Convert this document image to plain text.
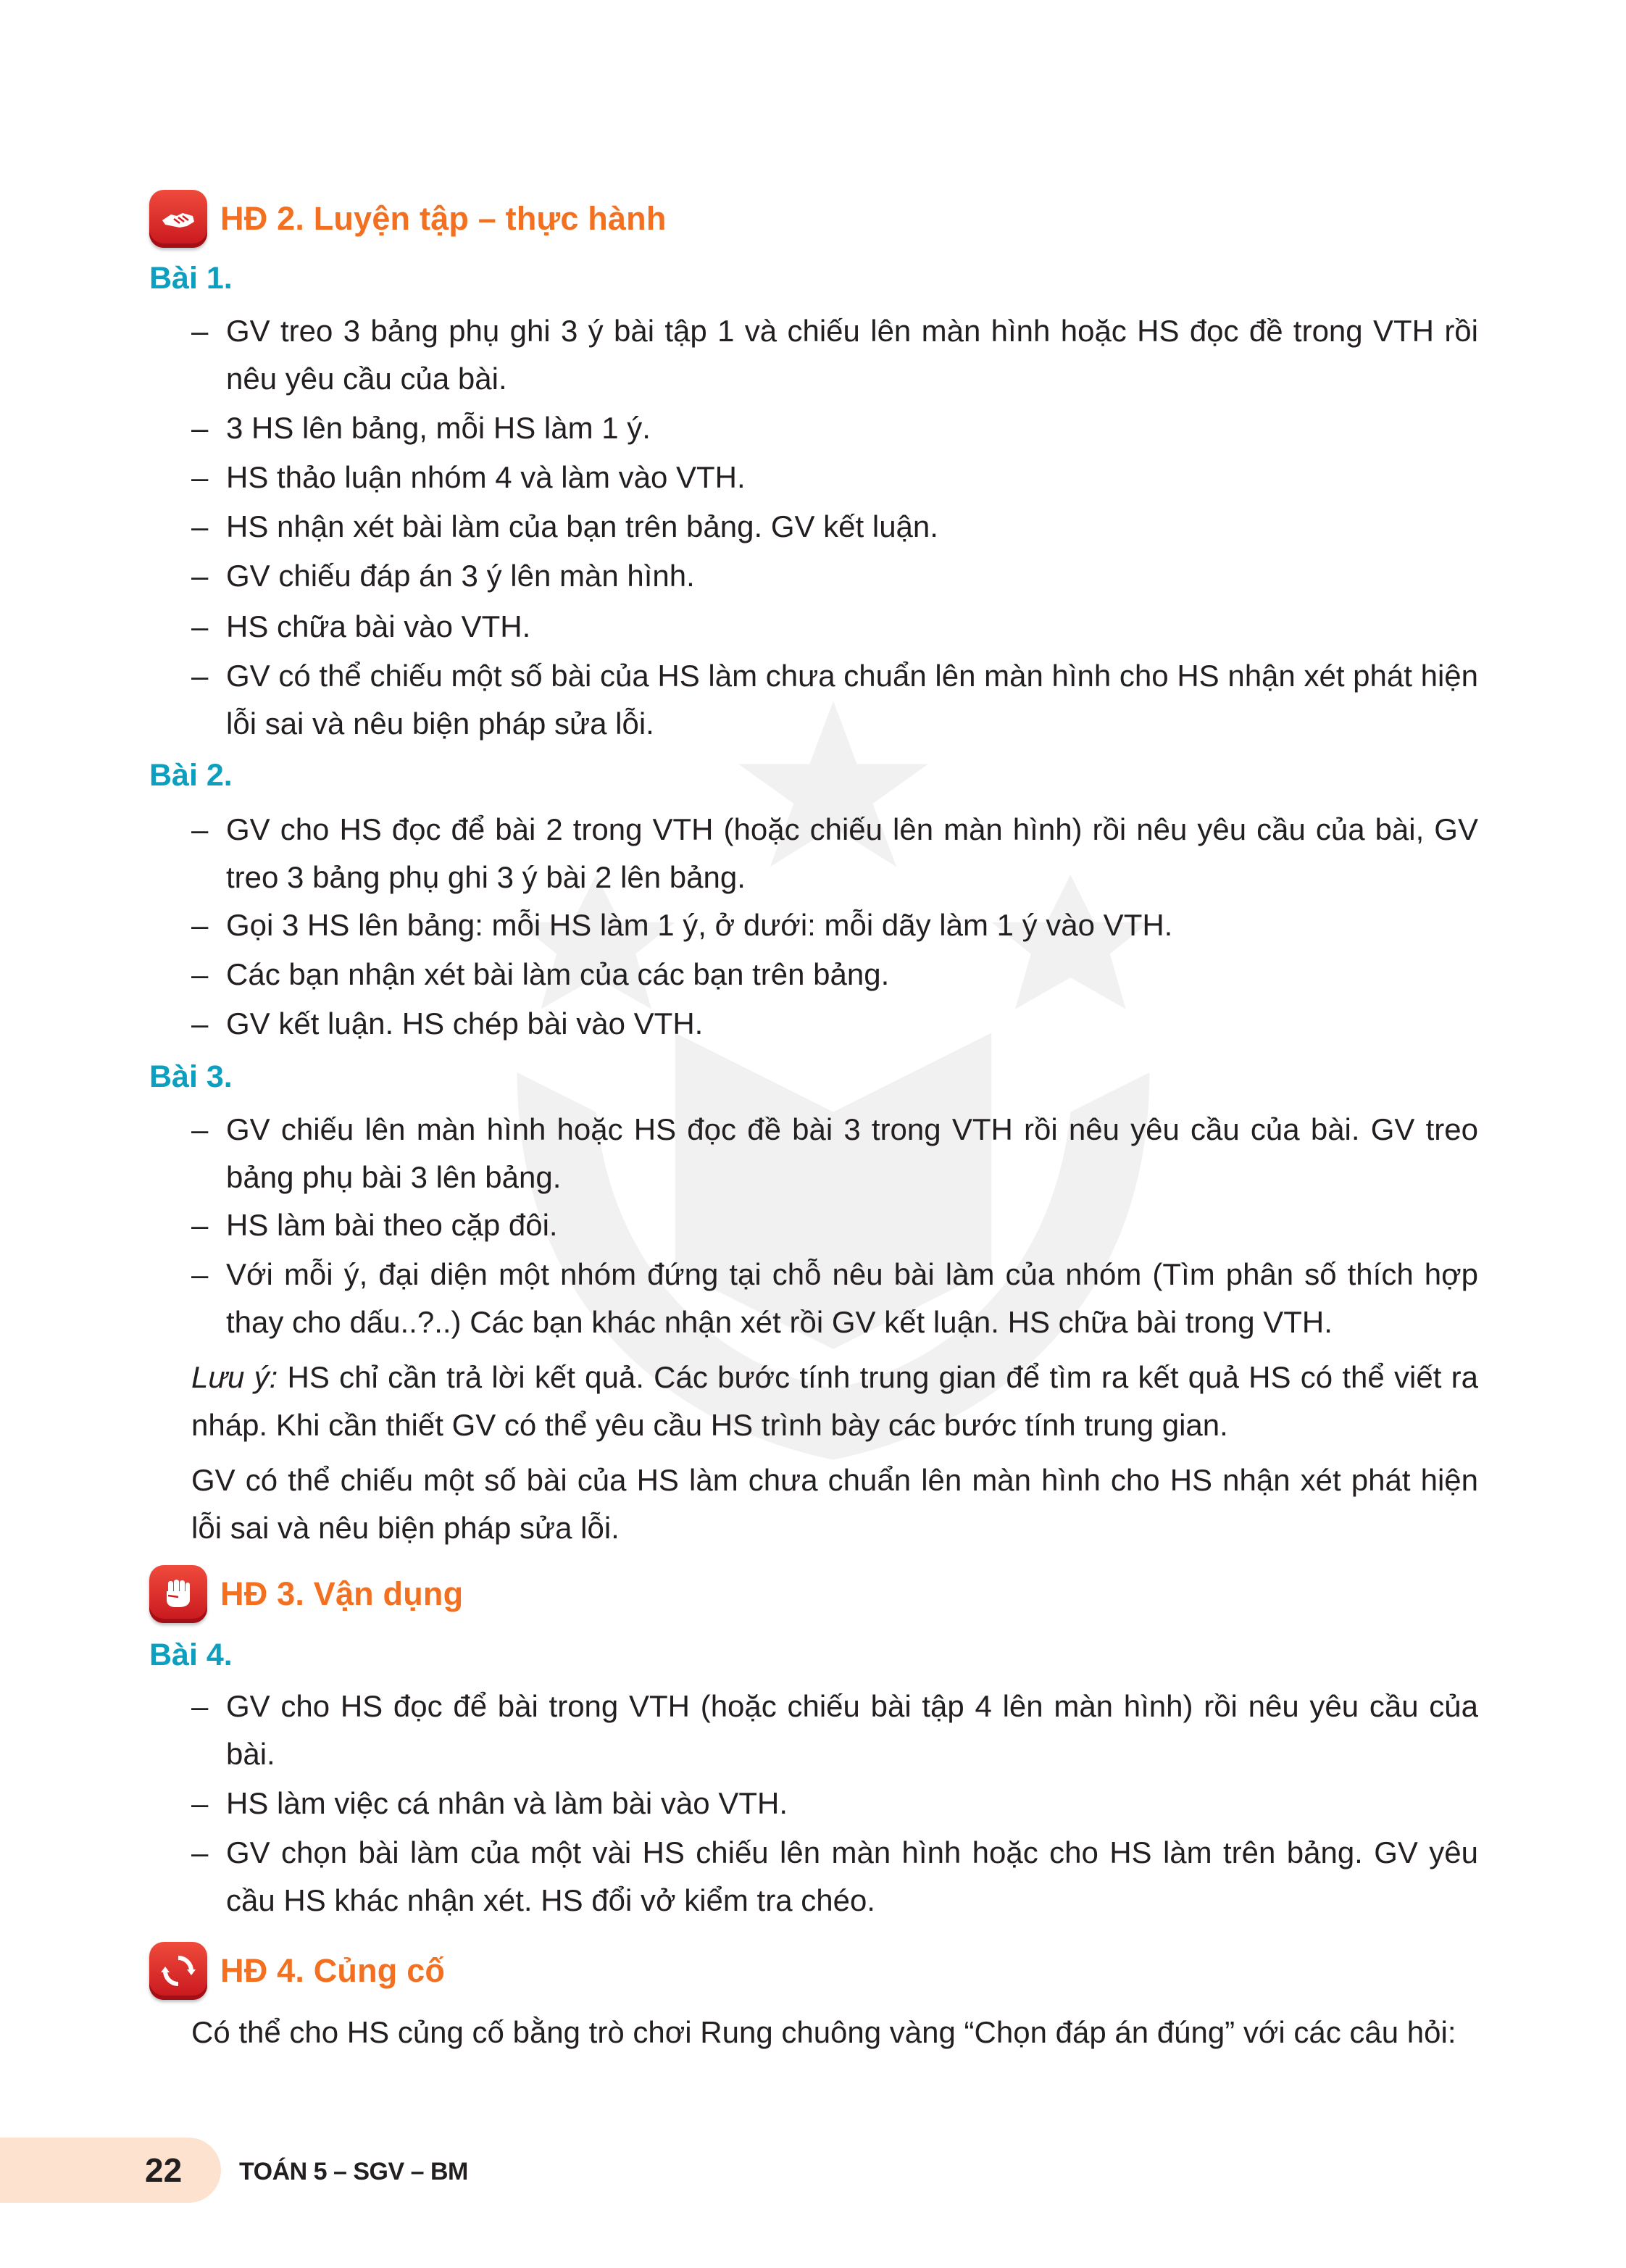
HĐ 2. Luyện tập – thực hành
Bài 1.
– GV treo 3 bảng phụ ghi 3 ý bài tập 1 và chiếu lên màn hình hoặc HS đọc đề trong VTH rồi nêu yêu cầu của bài.
– 3 HS lên bảng, mỗi HS làm 1 ý.
– HS thảo luận nhóm 4 và làm vào VTH.
– HS nhận xét bài làm của bạn trên bảng. GV kết luận.
– GV chiếu đáp án 3 ý lên màn hình.
– HS chữa bài vào VTH.
– GV có thể chiếu một số bài của HS làm chưa chuẩn lên màn hình cho HS nhận xét phát hiện lỗi sai và nêu biện pháp sửa lỗi.
Bài 2.
– GV cho HS đọc để bài 2 trong VTH (hoặc chiếu lên màn hình) rồi nêu yêu cầu của bài, GV treo 3 bảng phụ ghi 3 ý bài 2 lên bảng.
– Gọi 3 HS lên bảng: mỗi HS làm 1 ý, ở dưới: mỗi dãy làm 1 ý vào VTH.
– Các bạn nhận xét bài làm của các bạn trên bảng.
– GV kết luận. HS chép bài vào VTH.
Bài 3.
– GV chiếu lên màn hình hoặc HS đọc đề bài 3 trong VTH rồi nêu yêu cầu của bài. GV treo bảng phụ bài 3 lên bảng.
– HS làm bài theo cặp đôi.
– Với mỗi ý, đại diện một nhóm đứng tại chỗ nêu bài làm của nhóm (Tìm phân số thích hợp thay cho dấu..?..) Các bạn khác nhận xét rồi GV kết luận. HS chữa bài trong VTH.
Lưu ý: HS chỉ cần trả lời kết quả. Các bước tính trung gian để tìm ra kết quả HS có thể viết ra nháp. Khi cần thiết GV có thể yêu cầu HS trình bày các bước tính trung gian.
GV có thể chiếu một số bài của HS làm chưa chuẩn lên màn hình cho HS nhận xét phát hiện lỗi sai và nêu biện pháp sửa lỗi.
HĐ 3. Vận dụng
Bài 4.
– GV cho HS đọc để bài trong VTH (hoặc chiếu bài tập 4 lên màn hình) rồi nêu yêu cầu của bài.
– HS làm việc cá nhân và làm bài vào VTH.
– GV chọn bài làm của một vài HS chiếu lên màn hình hoặc cho HS làm trên bảng. GV yêu cầu HS khác nhận xét. HS đổi vở kiểm tra chéo.
HĐ 4. Củng cố
Có thể cho HS củng cố bằng trò chơi Rung chuông vàng “Chọn đáp án đúng” với các câu hỏi:
22 TOÁN 5 – SGV – BM
